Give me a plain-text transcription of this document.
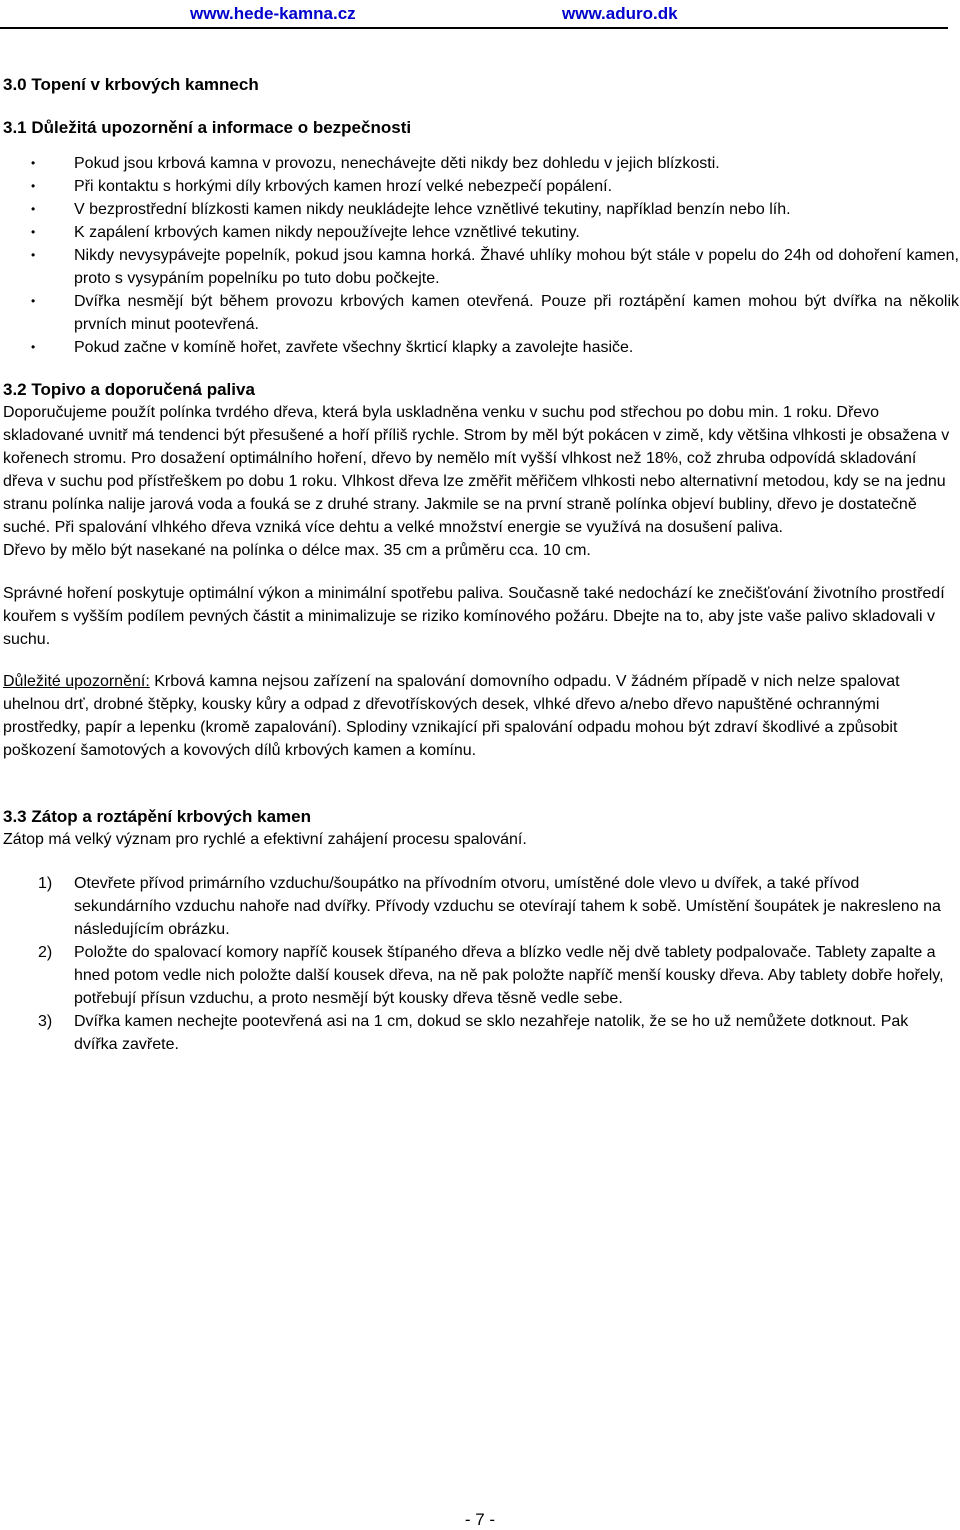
www.hede-kamna.cz	www.aduro.dk
3.0 Topení v krbových kamnech
3.1 Důležitá upozornění a informace o bezpečnosti
• Pokud jsou krbová kamna v provozu, nenechávejte děti nikdy bez dohledu v jejich blízkosti.
• Při kontaktu s horkými díly krbových kamen hrozí velké nebezpečí popálení.
• V bezprostřední blízkosti kamen nikdy neukládejte lehce vznětlivé tekutiny, například benzín nebo líh.
• K zapálení krbových kamen nikdy nepoužívejte lehce vznětlivé tekutiny.
• Nikdy nevysypávejte popelník, pokud jsou kamna horká. Žhavé uhlíky mohou být stále v popelu do 24h od dohoření kamen, proto s vysypáním popelníku po tuto dobu počkejte.
• Dvířka nesmějí být během provozu krbových kamen otevřená. Pouze při roztápění kamen mohou být dvířka na několik prvních minut pootevřená.
• Pokud začne v komíně hořet, zavřete všechny škrticí klapky a zavolejte hasiče.
3.2 Topivo a doporučená paliva

Doporučujeme použít polínka tvrdého dřeva, která byla uskladněna venku v suchu pod střechou po dobu min. 1 roku. Dřevo skladované uvnitř má tendenci být přesušené a hoří příliš rychle. Strom by měl být pokácen v zimě, kdy většina vlhkosti je obsažena v kořenech stromu. Pro dosažení optimálního hoření, dřevo by nemělo mít vyšší vlhkost než 18%, což zhruba odpovídá skladování dřeva v suchu pod přístřeškem po dobu 1 roku. Vlhkost dřeva lze změřit měřičem vlhkosti nebo alternativní metodou, kdy se na jednu stranu polínka nalije jarová voda a fouká se z druhé strany. Jakmile se na první straně polínka objeví bubliny, dřevo je dostatečně suché. Při spalování vlhkého dřeva vzniká více dehtu a velké množství energie se využívá na dosušení paliva.

Dřevo by mělo být nasekané na polínka o délce max. 35 cm a průměru cca. 10 cm.

Správné hoření poskytuje optimální výkon a minimální spotřebu paliva. Současně také nedochází ke znečišťování životního prostředí kouřem s vyšším podílem pevných částit a minimalizuje se riziko komínového požáru. Dbejte na to, aby jste vaše palivo skladovali v suchu.

Důležité upozornění: Krbová kamna nejsou zařízení na spalování domovního odpadu. V žádném případě v nich nelze spalovat uhelnou drť, drobné štěpky, kousky kůry a odpad z dřevotřískových desek, vlhké dřevo a/nebo dřevo napuštěné ochrannými prostředky, papír a lepenku (kromě zapalování). Splodiny vznikající při spalování odpadu mohou být zdraví škodlivé a způsobit poškození šamotových a kovových dílů krbových kamen a komínu.

3.3 Zátop a roztápění krbových kamen

Zátop má velký význam pro rychlé a efektivní zahájení procesu spalování.

1) Otevřete přívod primárního vzduchu/šoupátko na přívodním otvoru, umístěné dole vlevo u dvířek, a také přívod sekundárního vzduchu nahoře nad dvířky. Přívody vzduchu se otevírají tahem k sobě. Umístění šoupátek je nakresleno na následujícím obrázku.
2) Položte do spalovací komory napříč kousek štípaného dřeva a blízko vedle něj dvě tablety podpalovače. Tablety zapalte a hned potom vedle nich položte další kousek dřeva, na ně pak položte napříč menší kousky dřeva. Aby tablety dobře hořely, potřebují přísun vzduchu, a proto nesmějí být kousky dřeva těsně vedle sebe.
3) Dvířka kamen nechejte pootevřená asi na 1 cm, dokud se sklo nezahřeje natolik, že se ho už nemůžete dotknout. Pak dvířka zavřete.
- 7 -
